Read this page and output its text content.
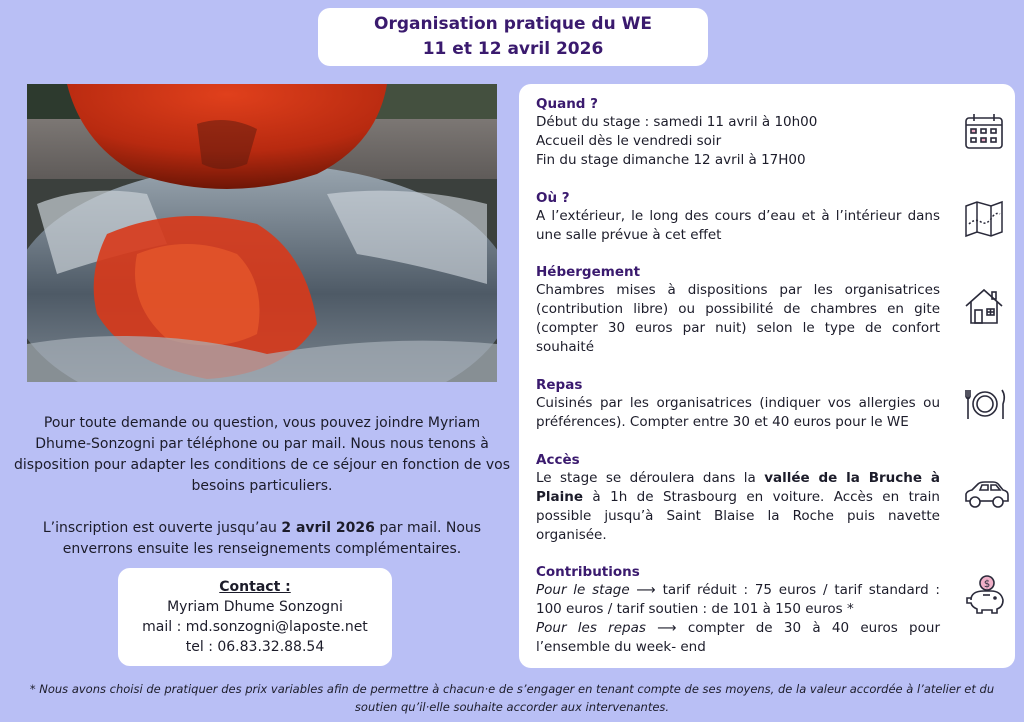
Organisation pratique du WE
11 et 12 avril 2026

Pour toute demande ou question, vous pouvez joindre Myriam Dhume-Sonzogni par téléphone ou par mail. Nous nous tenons à disposition pour adapter les conditions de ce séjour en fonction de vos besoins particuliers.

L’inscription est ouverte jusqu’au 2 avril 2026 par mail. Nous enverrons ensuite les renseignements complémentaires.

Contact :
Myriam Dhume Sonzogni
mail : md.sonzogni@laposte.net
tel : 06.83.32.88.54
Quand ?
Début du stage : samedi 11 avril à 10h00
Accueil dès le vendredi soir
Fin du stage dimanche 12 avril à 17H00
Où ?
A l’extérieur, le long des cours d’eau et à l’intérieur dans une salle prévue à cet effet
Hébergement
Chambres mises à dispositions par les organisatrices (contribution libre) ou possibilité de chambres en gite (compter 30 euros par nuit) selon le type de confort souhaité
Repas
Cuisinés par les organisatrices (indiquer vos allergies ou préférences). Compter entre 30 et 40 euros pour le WE
Accès
Le stage se déroulera dans la vallée de la Bruche à Plaine à 1h de Strasbourg en voiture. Accès en train possible jusqu’à Saint Blaise la Roche puis navette organisée.
Contributions
Pour le stage ⟶ tarif réduit : 75 euros / tarif standard : 100 euros / tarif soutien : de 101 à 150 euros *
Pour les repas ⟶ compter de 30 à 40 euros pour l’ensemble du week- end
$
* Nous avons choisi de pratiquer des prix variables afin de permettre à chacun·e de s’engager en tenant compte de ses moyens, de la valeur accordée à l’atelier et du soutien qu’il·elle souhaite accorder aux intervenantes.
